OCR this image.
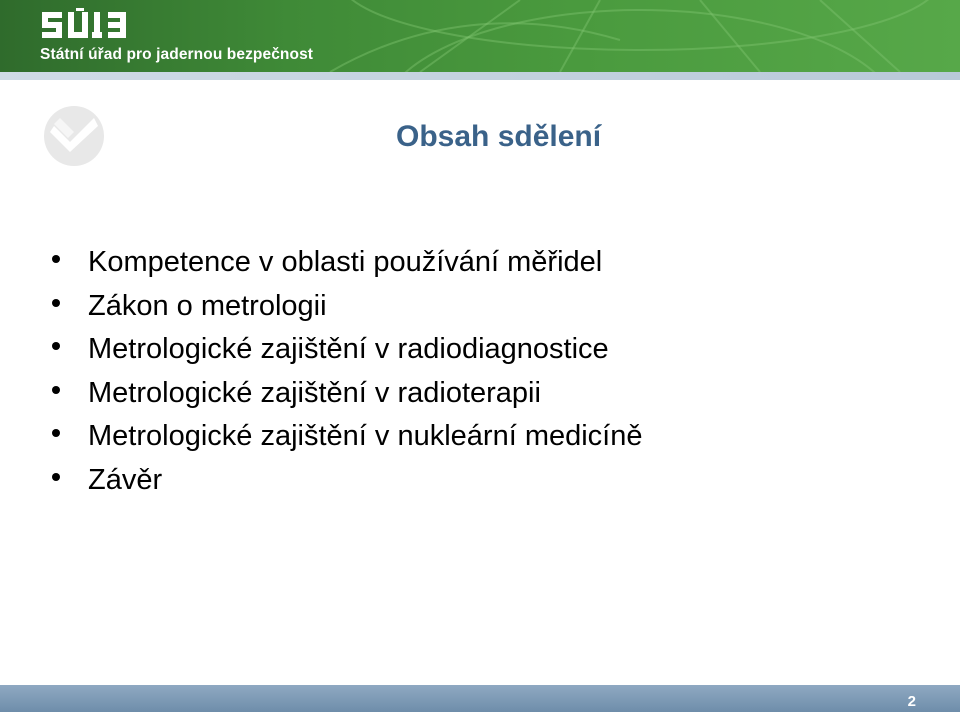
Státní úřad pro jadernou bezpečnost
Obsah sdělení
Kompetence v oblasti používání měřidel
Zákon o metrologii
Metrologické zajištění v radiodiagnostice
Metrologické zajištění v radioterapii
Metrologické zajištění v nukleární medicíně
Závěr
2
